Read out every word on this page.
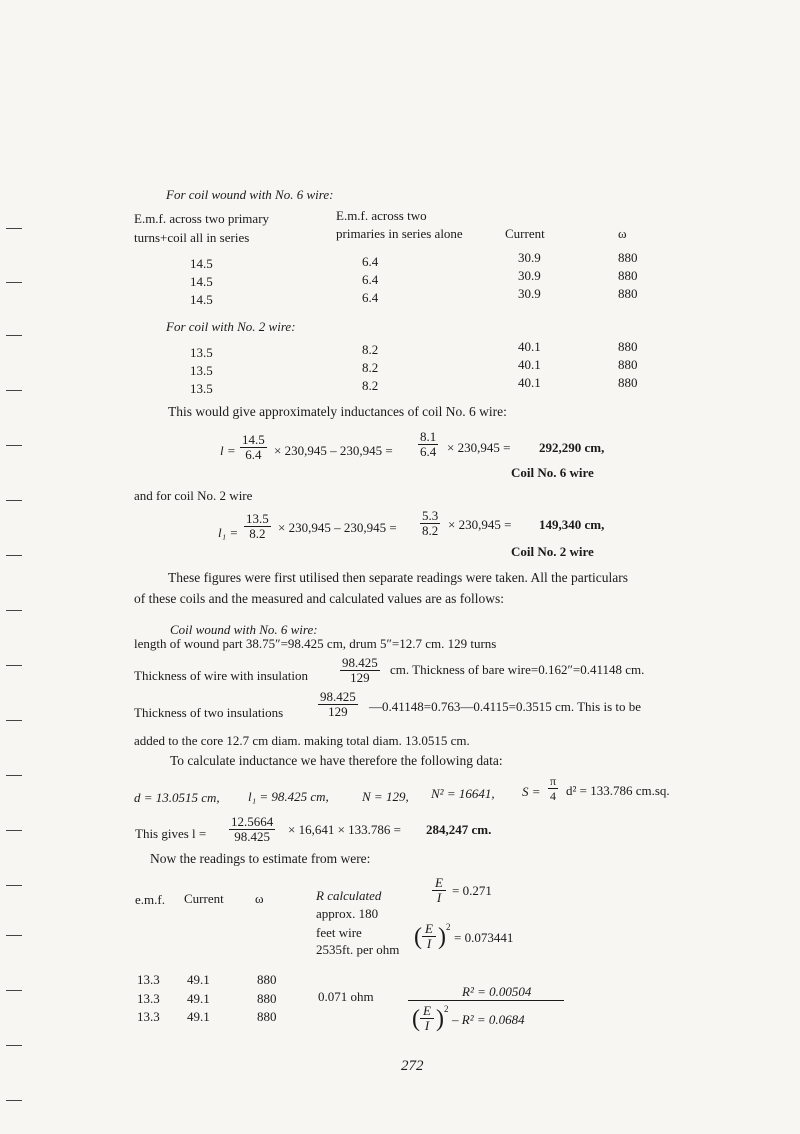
For coil wound with No. 6 wire:
E.m.f. across two primary
turns+coil all in series
E.m.f. across two
primaries in series alone	Current	ω
14.5	6.4	30.9	880
14.5	6.4	30.9	880
14.5	6.4	30.9	880
For coil with No. 2 wire:
13.5	8.2	40.1	880
13.5	8.2	40.1	880
13.5	8.2	40.1	880
This would give approximately inductances of coil No. 6 wire:
$l = \frac{14.5}{6.4} \times 230,945 - 230,945 = \frac{8.1}{6.4} \times 230,945 = 292,290$ cm,
Coil No. 6 wire
and for coil No. 2 wire
$l_1 = \frac{13.5}{8.2} \times 230,945 - 230,945 = \frac{5.3}{8.2} \times 230,945 = 149,340$ cm,
Coil No. 2 wire
These figures were first utilised then separate readings were taken. All the particulars
of these coils and the measured and calculated values are as follows:
Coil wound with No. 6 wire:
length of wound part 38.75″=98.425 cm, drum 5″=12.7 cm. 129 turns
Thickness of wire with insulation $\frac{98.425}{129}$ cm. Thickness of bare wire=0.162″=0.41148 cm.
Thickness of two insulations	$\frac{98.425}{129}$ —0.41148=0.763—0.4115=0.3515 cm. This is to be
added to the core 12.7 cm diam. making total diam. 13.0515 cm.
To calculate inductance we have therefore the following data:
d = 13.0515 cm, l₁ = 98.425 cm,	N = 129, N² = 16641, $S = \frac{\pi}{4} d^2 = 133.786$ cm.sq.
This gives $l = \frac{12.5664}{98.425} \times 16,641 \times 133.786 = 284,247$ cm.
Now the readings to estimate from were:
e.m.f. Current ω	R calculated
approx. 180
feet wire
2535ft. per ohm
$\frac{E}{I} = 0.271$
( $\frac{E}{I}$ ) 2
= 0.073441
13.3 49.1	880
13.3 49.1	880
13.3 49.1	880
0.071 ohm	R² = 0.00504
( $\frac{E}{I}$ ) 2
– R² = 0.0684
272
